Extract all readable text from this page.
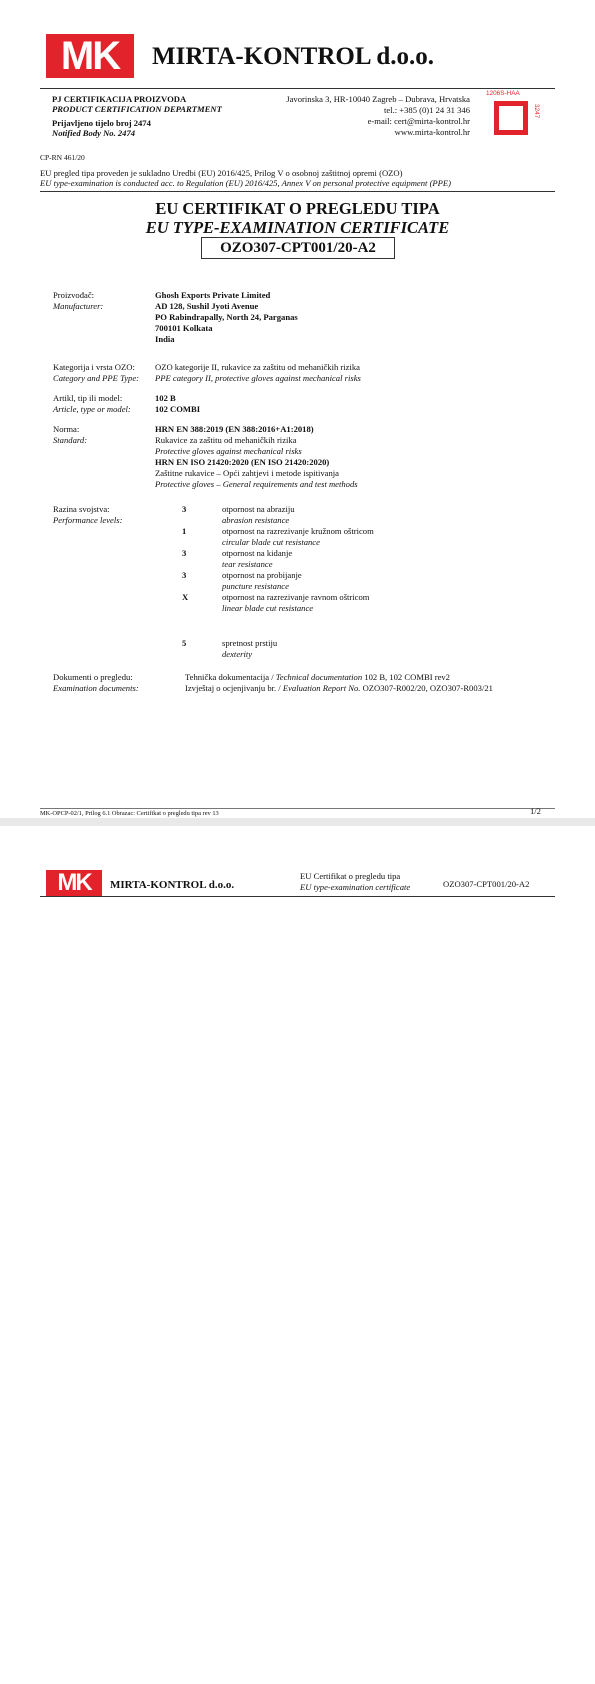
MK	MIRTA-KONTROL d.o.o.
PJ CERTIFIKACIJA PROIZVODA
PRODUCT CERTIFICATION DEPARTMENT
Prijavljeno tijelo broj 2474
Notified Body No. 2474
Javorinska 3, HR-10040 Zagreb – Dubrava, Hrvatska
tel.: +385 (0)1 24 31 346
e-mail: cert@mirta-kontrol.hr
www.mirta-kontrol.hr
1206S-HAA
3247
CP-RN 461/20
EU pregled tipa proveden je sukladno Uredbi (EU) 2016/425, Prilog V o osobnoj zaštitnoj opremi (OZO)
EU type-examination is conducted acc. to Regulation (EU) 2016/425, Annex V on personal protective equipment (PPE)
EU CERTIFIKAT O PREGLEDU TIPA
EU TYPE-EXAMINATION CERTIFICATE
OZO307-CPT001/20-A2
Proizvođač:
Manufacturer:
Ghosh Exports Private Limited
AD 128, Sushil Jyoti Avenue
PO Rabindrapally, North 24, Parganas
700101 Kolkata
India
Kategorija i vrsta OZO:
Category and PPE Type:
OZO kategorije II, rukavice za zaštitu od mehaničkih rizika
PPE category II, protective gloves against mechanical risks
Artikl, tip ili model:
Article, type or model:
102 B
102 COMBI
Norma:
Standard:
HRN EN 388:2019 (EN 388:2016+A1:2018)
Rukavice za zaštitu od mehaničkih rizika
Protective gloves against mechanical risks
HRN EN ISO 21420:2020 (EN ISO 21420:2020)
Zaštitne rukavice – Opći zahtjevi i metode ispitivanja
Protective gloves – General requirements and test methods
Razina svojstva:
Performance levels:
3	otpornost na abraziju
abrasion resistance
1	otpornost na razrezivanje kružnom oštricom
circular blade cut resistance
3	otpornost na kidanje
tear resistance
3	otpornost na probijanje
puncture resistance
X	otpornost na razrezivanje ravnom oštricom
linear blade cut resistance
5	spretnost prstiju
dexterity
Dokumenti o pregledu:
Examination documents:
Tehnička dokumentacija / Technical documentation 102 B, 102 COMBI rev2
Izvještaj o ocjenjivanju br. / Evaluation Report No. OZO307-R002/20, OZO307-R003/21
MK-OPCP-02/1, Prilog 6.1 Obrazac: Certifikat o pregledu tipa rev 13	1/2
MK	MIRTA-KONTROL d.o.o.
EU Certifikat o pregledu tipa
EU type-examination certificate	OZO307-CPT001/20-A2
